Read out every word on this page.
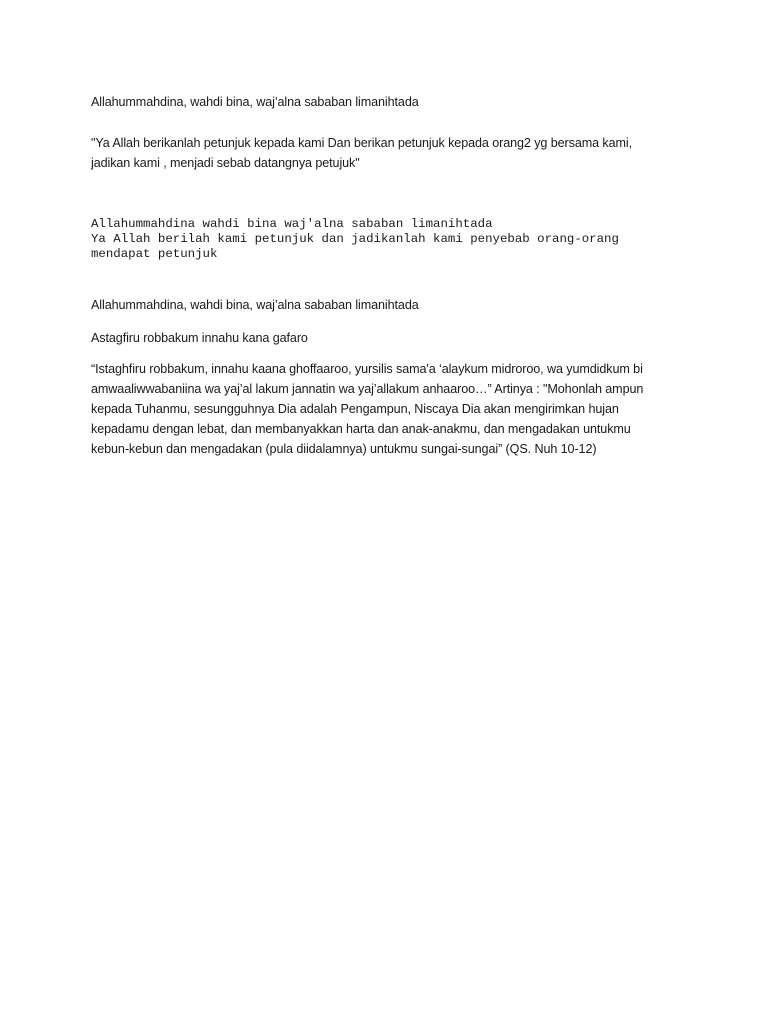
Allahummahdina, wahdi bina, waj’alna sababan limanihtada

"Ya Allah berikanlah petunjuk kepada kami Dan berikan petunjuk kepada orang2 yg bersama kami,
jadikan kami , menjadi sebab datangnya petujuk"

Allahummahdina wahdi bina waj'alna sababan limanihtada

Ya Allah berilah kami petunjuk dan jadikanlah kami penyebab orang-orang

mendapat petunjuk

Allahummahdina, wahdi bina, waj’alna sababan limanihtada

Astagfiru robbakum innahu kana gafaro

“Istaghfiru robbakum, innahu kaana ghoffaaroo, yursilis sama'a ‘alaykum midroroo, wa yumdidkum bi
amwaaliwwabaniina wa yaj’al lakum jannatin wa yaj’allakum anhaaroo…” Artinya : "Mohonlah ampun
kepada Tuhanmu, sesungguhnya Dia adalah Pengampun, Niscaya Dia akan mengirimkan hujan
kepadamu dengan lebat, dan membanyakkan harta dan anak-anakmu, dan mengadakan untukmu
kebun-kebun dan mengadakan (pula diidalamnya) untukmu sungai-sungai” (QS. Nuh 10-12)
